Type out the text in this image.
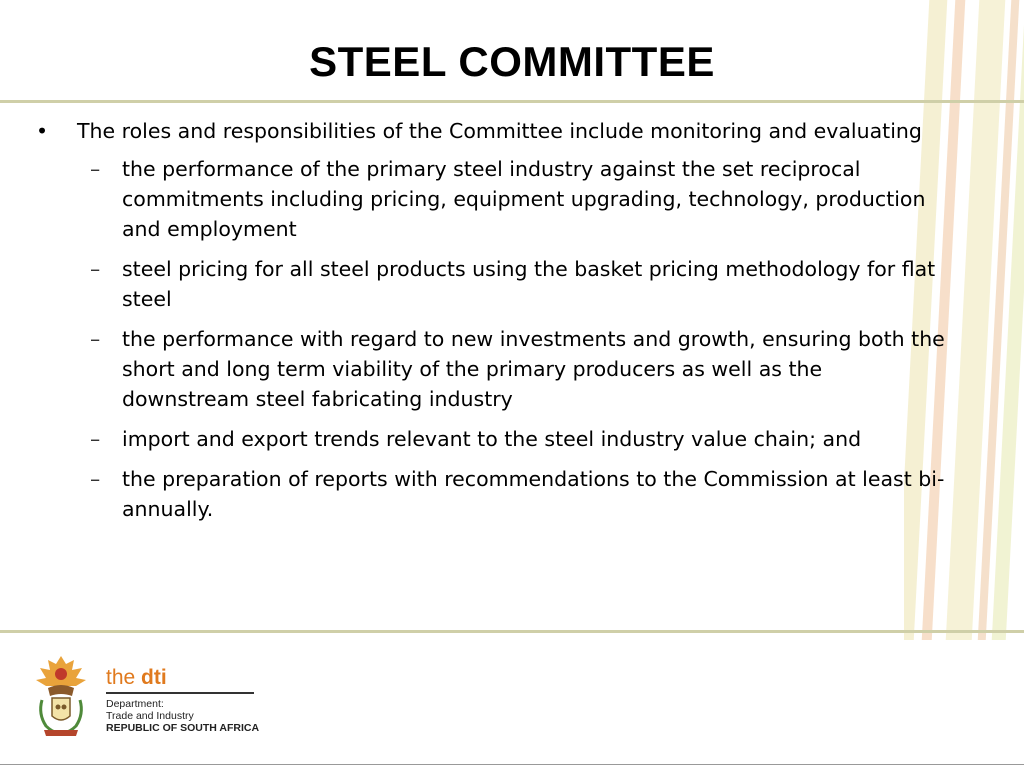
STEEL COMMITTEE
•	The roles and responsibilities of the Committee include monitoring and evaluating
–	the performance of the primary steel industry against the set reciprocal commitments including pricing, equipment upgrading, technology, production and employment
–	steel pricing for all steel products using the basket pricing methodology for flat steel
–	the performance with regard to new investments and growth, ensuring both the short and long term viability of the primary producers as well as the downstream steel fabricating industry
–	import and export trends relevant to the steel industry value chain; and
–	the preparation of reports with recommendations to the Commission at least bi-annually.
the dti
Department:
Trade and Industry
REPUBLIC OF SOUTH AFRICA
